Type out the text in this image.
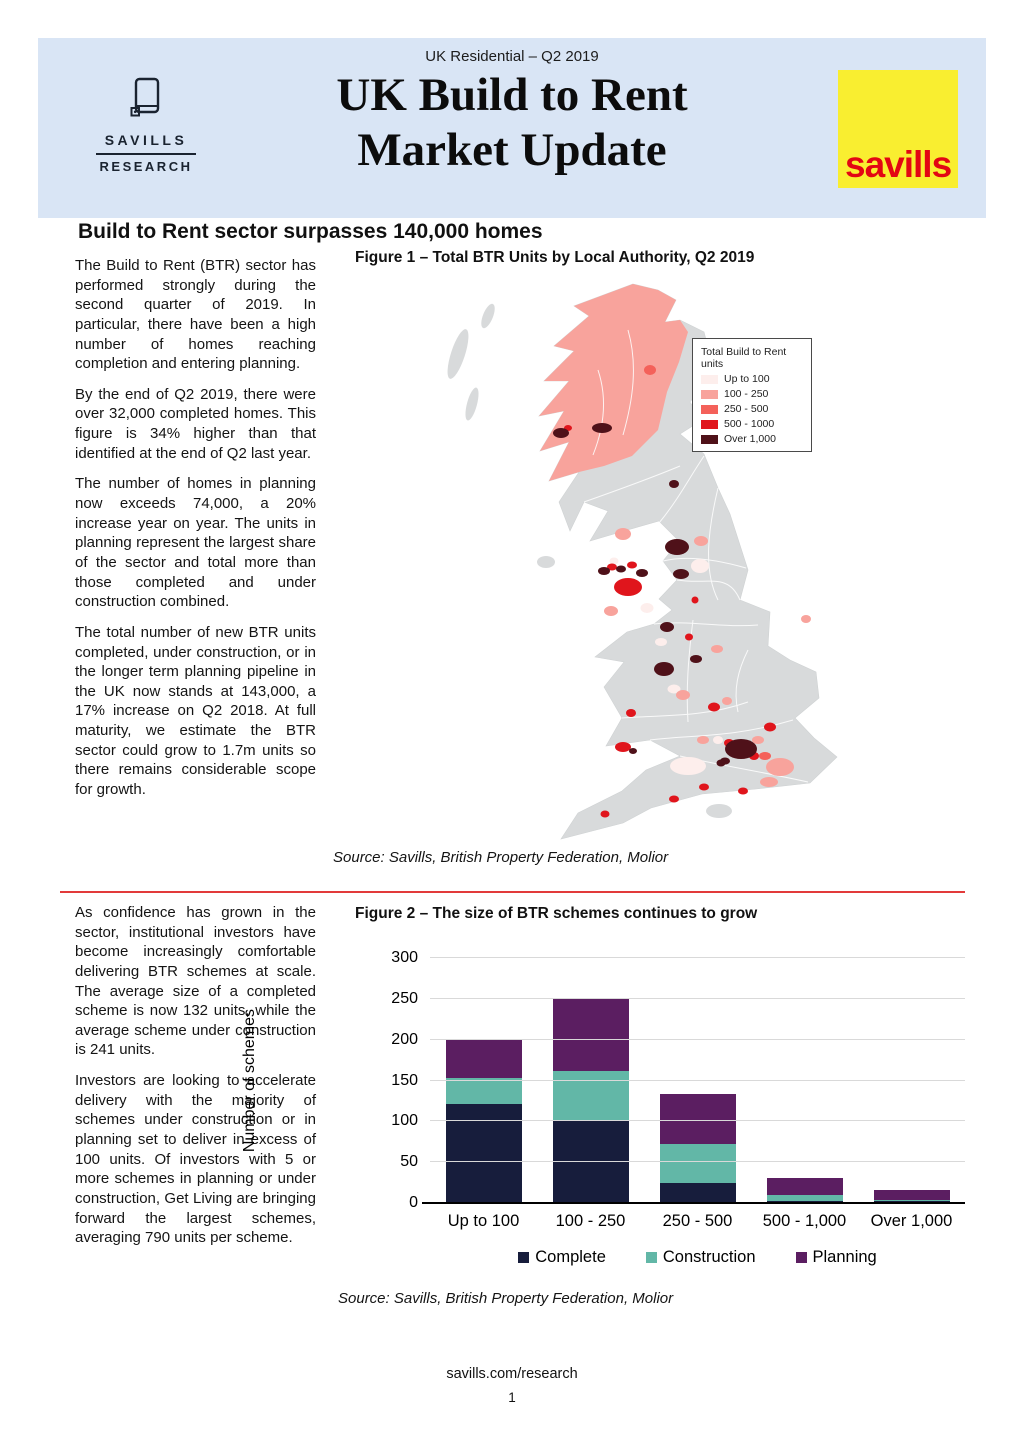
UK Residential – Q2 2019
UK Build to Rent
Market Update
SAVILLS
RESEARCH	savills
Build to Rent sector surpasses 140,000 homes

The Build to Rent (BTR) sector has performed strongly during the second quarter of 2019. In particular, there have been a high number of homes reaching completion and entering planning.

By the end of Q2 2019, there were over 32,000 completed homes. This figure is 34% higher than that identified at the end of Q2 last year.

The number of homes in planning now exceeds 74,000, a 20% increase year on year. The units in planning represent the largest share of the sector and total more than those completed and under construction combined.

The total number of new BTR units completed, under construction, or in the longer term planning pipeline in the UK now stands at 143,000, a 17% increase on Q2 2018. At full maturity, we estimate the BTR sector could grow to 1.7m units so there remains considerable scope for growth.

Figure 1 – Total BTR Units by Local Authority, Q2 2019
Total Build to Rent units
Up to 100
100 - 250
250 - 500
500 - 1000
Over 1,000
Source: Savills, British Property Federation, Molior

As confidence has grown in the sector, institutional investors have become increasingly comfortable delivering BTR schemes at scale. The average size of a completed scheme is now 132 units, while the average scheme under construction is 241 units.

Investors are looking to accelerate delivery with the majority of schemes under construction or in planning set to deliver in excess of 100 units. Of investors with 5 or more schemes in planning or under construction, Get Living are bringing forward the largest schemes, averaging 790 units per scheme.

Figure 2 – The size of BTR schemes continues to grow
Number of schemes
0
50
100
150
200
250
300
Up to 100	100 - 250	250 - 500	500 - 1,000	Over 1,000
Complete	Construction	Planning
Source: Savills, British Property Federation, Molior
savills.com/research
1
